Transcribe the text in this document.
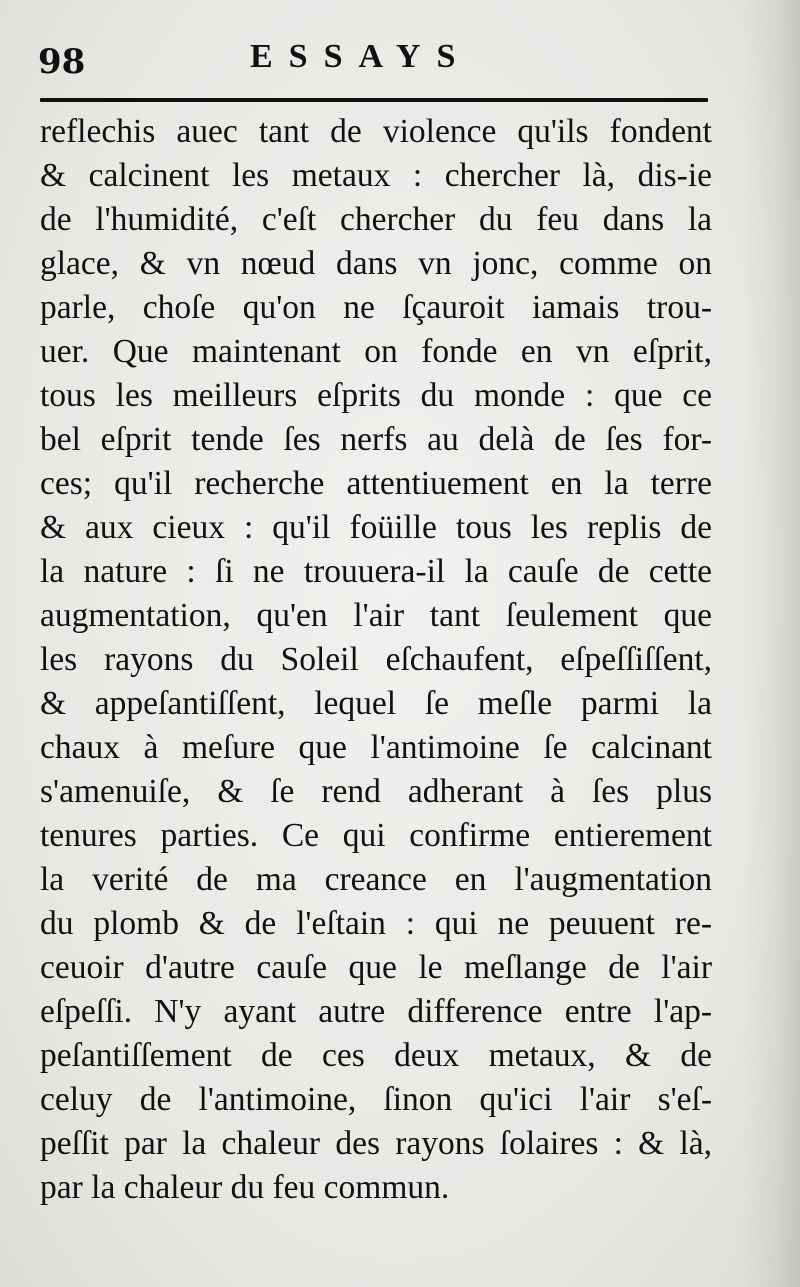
98	ESSAYS
reflechis auec tant de violence qu'ils fondent
& calcinent les metaux : chercher là, dis-ie
de l'humidité, c'eſt chercher du feu dans la
glace, & vn nœud dans vn jonc, comme on
parle, choſe qu'on ne ſçauroit iamais trou-
uer. Que maintenant on fonde en vn eſprit,
tous les meilleurs eſprits du monde : que ce
bel eſprit tende ſes nerfs au delà de ſes for-
ces; qu'il recherche attentiuement en la terre
& aux cieux : qu'il foüille tous les replis de
la nature : ſi ne trouuera-il la cauſe de cette
augmentation, qu'en l'air tant ſeulement que
les rayons du Soleil eſchaufent, eſpeſſiſſent,
& appeſantiſſent, lequel ſe meſle parmi la
chaux à meſure que l'antimoine ſe calcinant
s'amenuiſe, & ſe rend adherant à ſes plus
tenures parties. Ce qui confirme entierement
la verité de ma creance en l'augmentation
du plomb & de l'eſtain : qui ne peuuent re-
ceuoir d'autre cauſe que le meſlange de l'air
eſpeſſi. N'y ayant autre difference entre l'ap-
peſantiſſement de ces deux metaux, & de
celuy de l'antimoine, ſinon qu'ici l'air s'eſ-
peſſit par la chaleur des rayons ſolaires : & là,
par la chaleur du feu commun.
